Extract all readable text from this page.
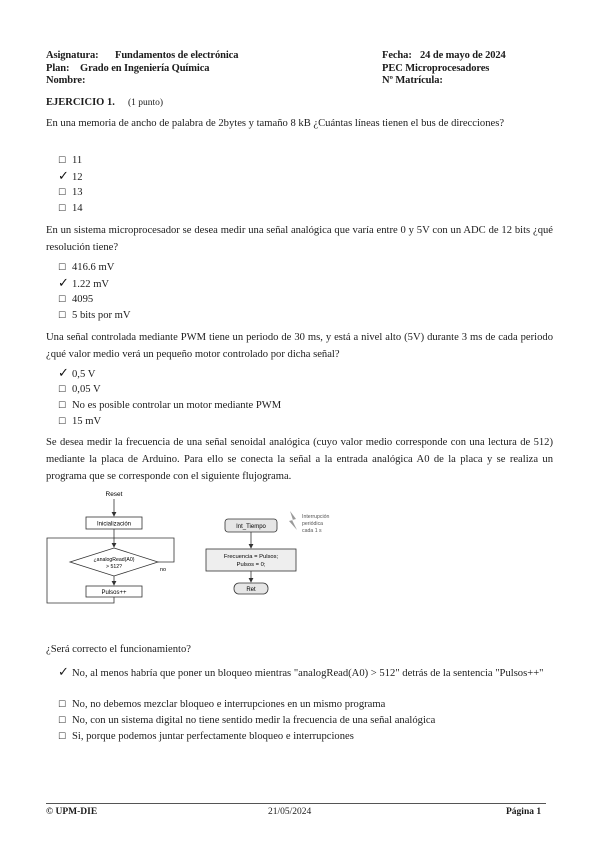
Asignatura: Fundamentos de electrónica
Plan: Grado en Ingeniería Química
Nombre:
Fecha: 24 de mayo de 2024
PEC Microprocesadores
Nº Matrícula:
EJERCICIO 1. (1 punto)
En una memoria de ancho de palabra de 2bytes y tamaño 8 kB ¿Cuántas líneas tienen el bus de direcciones?
☐ 11
✓ 12
☐ 13
☐ 14
En un sistema microprocesador se desea medir una señal analógica que varía entre 0 y 5V con un ADC de 12 bits ¿qué resolución tiene?
☐ 416.6 mV
✓ 1.22 mV
☐ 4095
☐ 5 bits por mV
Una señal controlada mediante PWM tiene un periodo de 30 ms, y está a nivel alto (5V) durante 3 ms de cada periodo ¿qué valor medio verá un pequeño motor controlado por dicha señal?
✓ 0,5 V
☐ 0,05 V
☐ No es posible controlar un motor mediante PWM
☐ 15 mV
Se desea medir la frecuencia de una señal senoidal analógica (cuyo valor medio corresponde con una lectura de 512) mediante la placa de Arduino. Para ello se conecta la señal a la entrada analógica A0 de la placa y se realiza un programa que se corresponde con el siguiente flujograma.
Reset
Inicialización
¿analogRead(A0)
> 512?	no
Pulsos++
Int_Tiempo
Interrupción
periódica
cada 1 s
Frecuencia = Pulsos;
Pulsos = 0;
Ret
¿Será correcto el funcionamiento?
✓ No, al menos habría que poner un bloqueo mientras "analogRead(A0) > 512" detrás de la sentencia "Pulsos++"
☐ No, no debemos mezclar bloqueo e interrupciones en un mismo programa
☐ No, con un sistema digital no tiene sentido medir la frecuencia de una señal analógica
☐ Si, porque podemos juntar perfectamente bloqueo e interrupciones
© UPM-DIE	21/05/2024	Página 1
